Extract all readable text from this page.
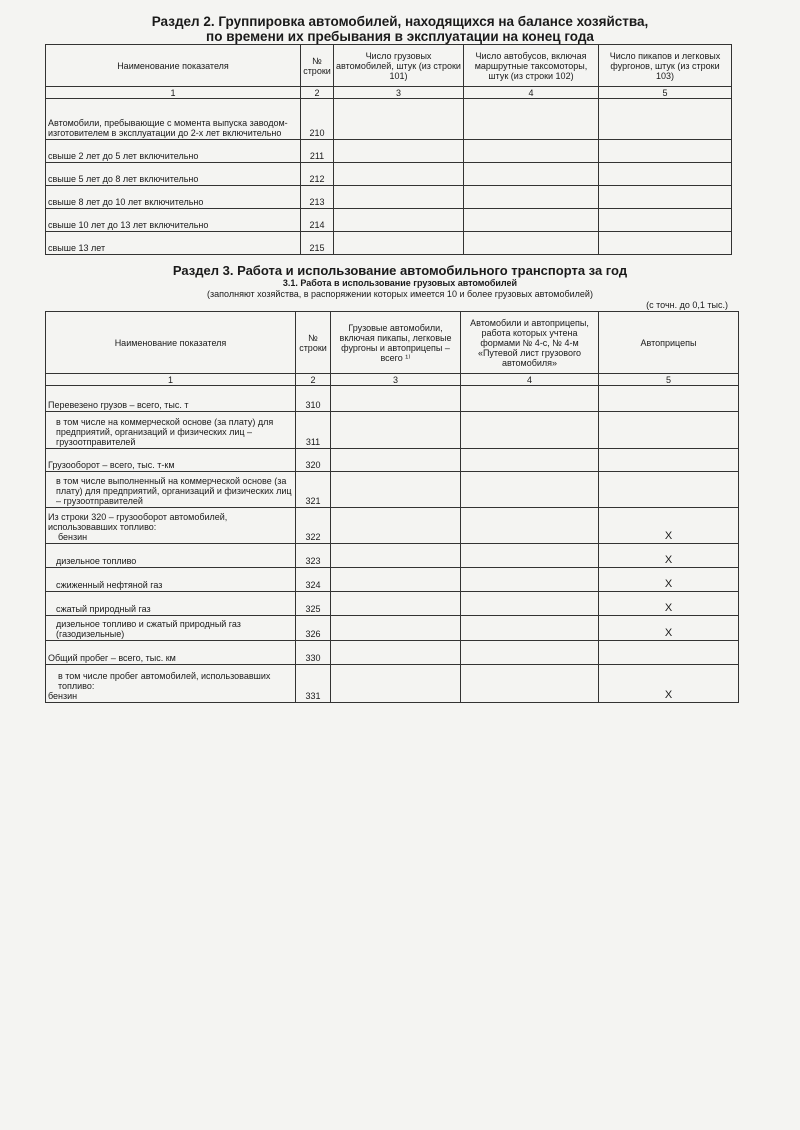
Раздел 2. Группировка автомобилей, находящихся на балансе хозяйства,
по времени их пребывания в эксплуатации на конец года
Наименование показателя	№ строки	Число грузовых автомобилей, штук (из строки 101)	Число автобусов, включая маршрутные таксомоторы, штук (из строки 102)	Число пикапов и легковых фургонов, штук (из строки 103)
1	2	3	4	5
Автомобили, пребывающие с момента выпуска заводом-изготовителем в эксплуатации до 2-х лет включительно	210			
свыше 2 лет до 5 лет включительно	211			
свыше 5 лет до 8 лет включительно	212			
свыше 8 лет до 10 лет включительно	213			
свыше 10 лет до 13 лет включительно	214			
свыше 13 лет	215			
Раздел 3. Работа и использование автомобильного транспорта за год
3.1. Работа в использование грузовых автомобилей
(заполняют хозяйства, в распоряжении которых имеется 10 и более грузовых автомобилей)
(с точн. до 0,1 тыс.)
Наименование показателя	№ строки	Грузовые автомобили, включая пикапы, легковые фургоны и автоприцепы – всего ¹⁾	Автомобили и автоприцепы, работа которых учтена формами № 4-с, № 4-м «Путевой лист грузового автомобиля»	Автоприцепы
1	2	3	4	5
Перевезено грузов – всего, тыс. т	310			
в том числе на коммерческой основе (за плату) для предприятий, организаций и физических лиц – грузоотправителей	311			
Грузооборот – всего, тыс. т-км	320			
в том числе выполненный на коммерческой основе (за плату) для предприятий, организаций и физических лиц – грузоотправителей	321			
Из строки 320 – грузооборот автомобилей, использовавших топливо:
бензин	322			X
дизельное топливо	323			X
сжиженный нефтяной газ	324			X
сжатый природный газ	325			X
дизельное топливо и сжатый природный газ (газодизельные)	326			X
Общий пробег – всего, тыс. км	330			
в том числе пробег автомобилей, использовавших топливо:
бензин	331			X
